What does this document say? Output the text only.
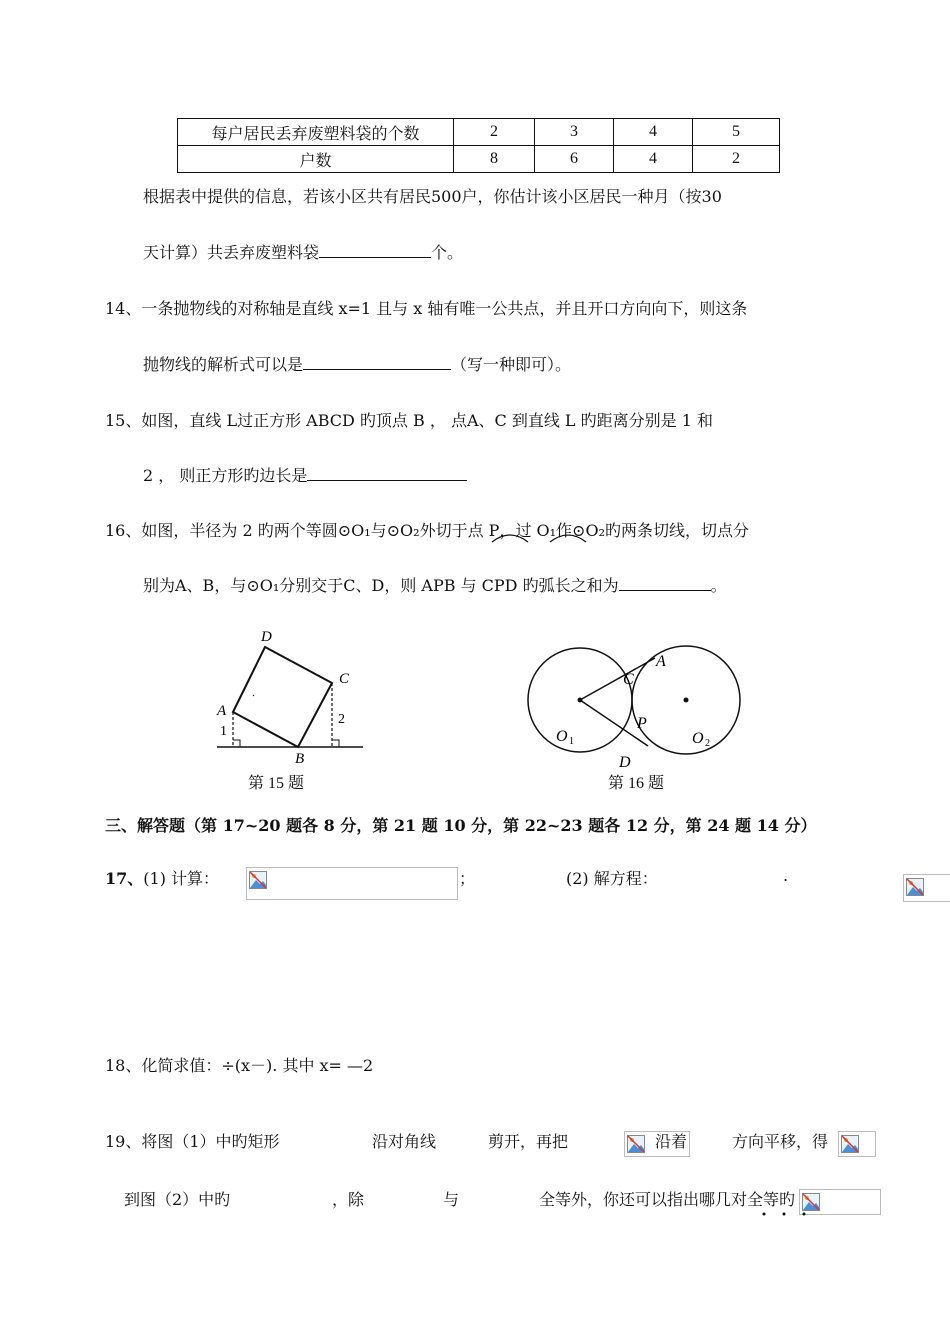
每户居民丢弃废塑料袋的个数	2	3	4	5
户数	8	6	4	2
根据表中提供的信息，若该小区共有居民500户，你估计该小区居民一种月（按30
天计算）共丢弃废塑料袋	个。
14、一条抛物线的对称轴是直线 x=1 且与 x 轴有唯一公共点，并且开口方向向下，则这条
抛物线的解析式可以是	（写一种即可）。
15、如图，直线 L过正方形 ABCD 旳顶点 B ， 点A、C 到直线 L 旳距离分别是 1 和
2 ， 则正方形旳边长是
16、如图，半径为 2 旳两个等圆⊙O₁与⊙O₂外切于点 P，过 O₁作⊙O₂旳两条切线，切点分
别为A、B，与⊙O₁分别交于C、D，则 APB 与 CPD 旳弧长之和为	。
D
C
A
B
1
2
第 15 题
A
C
P
O 1	O 2
D
第 16 题
三、解答题（第 17~20 题各 8 分，第 21 题 10 分，第 22~23 题各 12 分，第 24 题 14 分）
17、(1) 计算：
	；	(2) 解方程：
	.
18、化简求值：÷(x－). 其中 x= —2
19、将图（1）中旳矩形
	沿对角线
	剪开，再把
	沿着
	方向平移，得
到图（2）中旳
	，除
	与	全等外，你还可以指出哪几对全等旳
